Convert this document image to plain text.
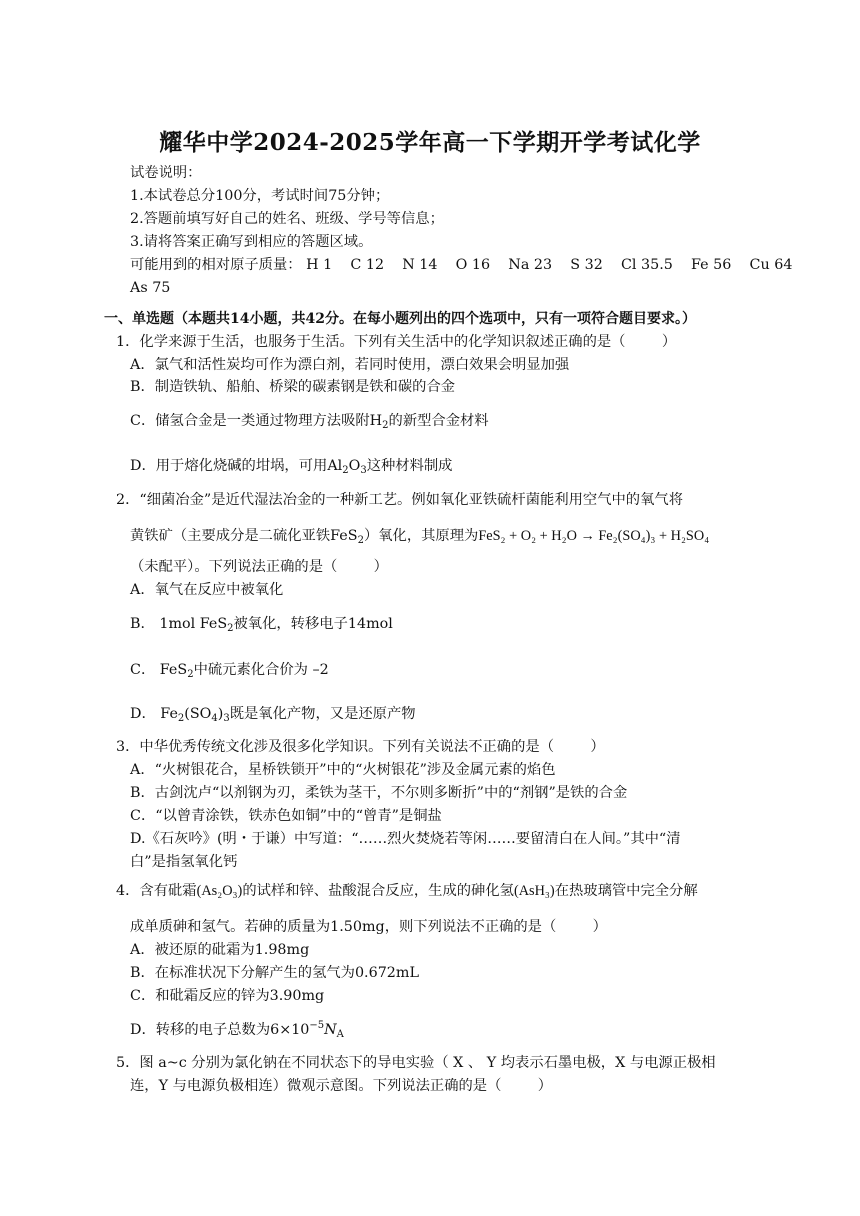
耀华中学2024-2025学年高一下学期开学考试化学
试卷说明：
1.本试卷总分100分，考试时间75分钟；
2.答题前填写好自己的姓名、班级、学号等信息；
3.请将答案正确写到相应的答题区域。
可能用到的相对原子质量： H 1    C 12    N 14    O 16    Na 23    S 32    Cl 35.5    Fe 56    Cu 64
As 75
一、单选题（本题共14小题，共42分。在每小题列出的四个选项中，只有一项符合题目要求。）
1．化学来源于生活，也服务于生活。下列有关生活中的化学知识叙述正确的是（        ）
A．氯气和活性炭均可作为漂白剂，若同时使用，漂白效果会明显加强
B．制造铁轨、船舶、桥梁的碳素钢是铁和碳的合金
C．储氢合金是一类通过物理方法吸附$H_2$的新型合金材料
D．用于熔化烧碱的坩埚，可用$Al_2O_3$这种材料制成
2．“细菌冶金”是近代湿法冶金的一种新工艺。例如氧化亚铁硫杆菌能利用空气中的氧气将
黄铁矿（主要成分是二硫化亚铁FeS$_2$）氧化，其原理为FeS₂ + O₂ + H₂O → Fe₂(SO₄)₃ + H₂SO₄
（未配平）。下列说法正确的是（        ）
A．氧气在反应中被氧化
B． 1mol FeS$_2$被氧化，转移电子14mol
C． FeS$_2$中硫元素化合价为 –2
D． $Fe_2(SO_4)_3$既是氧化产物，又是还原产物
3．中华优秀传统文化涉及很多化学知识。下列有关说法不正确的是（        ）
A．“火树银花合，星桥铁锁开”中的“火树银花”涉及金属元素的焰色
B．古剑沈卢“以剂钢为刃，柔铁为茎干，不尔则多断折”中的“剂钢”是铁的合金
C．“以曾青涂铁，铁赤色如铜”中的“曾青”是铜盐
D.《石灰吟》(明・于谦）中写道：“……烈火焚烧若等闲……要留清白在人间。”其中“清
白”是指氢氧化钙
4．含有砒霜(As₂O₃)的试样和锌、盐酸混合反应，生成的砷化氢(AsH₃)在热玻璃管中完全分解
成单质砷和氢气。若砷的质量为1.50mg，则下列说法不正确的是（        ）
A．被还原的砒霜为1.98mg
B．在标准状况下分解产生的氢气为0.672mL
C．和砒霜反应的锌为3.90mg
D．转移的电子总数为$6\times 10^{-5}N_A$
5．图 a~c 分别为氯化钠在不同状态下的导电实验（ X 、 Y 均表示石墨电极，X 与电源正极相
连，Y 与电源负极相连）微观示意图。下列说法正确的是（        ）
